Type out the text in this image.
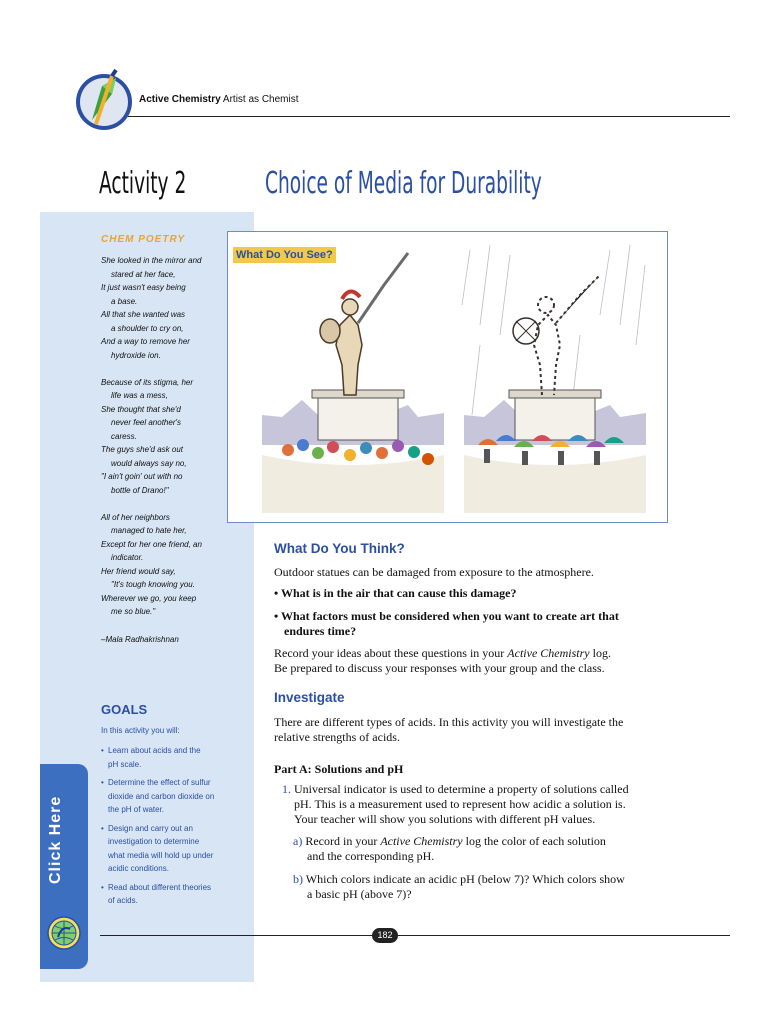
Active Chemistry Artist as Chemist
Activity 2	Choice of Media for Durability
CHEM POETRY
She looked in the mirror and
stared at her face,
It just wasn't easy being
a base.
All that she wanted was
a shoulder to cry on,
And a way to remove her
hydroxide ion.
Because of its stigma, her
life was a mess,
She thought that she'd
never feel another's
caress.
The guys she'd ask out
would always say no,
"I ain't goin' out with no
bottle of Drano!"
All of her neighbors
managed to hate her,
Except for her one friend, an
indicator.
Her friend would say,
"It's tough knowing you.
Wherever we go, you keep
me so blue."
–Mala Radhakrishnan
GOALS
In this activity you will:
• Learn about acids and the
pH scale.
• Determine the effect of sulfur
dioxide and carbon dioxide on
the pH of water.
• Design and carry out an
investigation to determine
what media will hold up under
acidic conditions.
• Read about different theories
of acids.
Click Here
What Do You See?
What Do You Think?
Outdoor statues can be damaged from exposure to the atmosphere.
• What is in the air that can cause this damage?
• What factors must be considered when you want to create art that
endures time?
Record your ideas about these questions in your Active Chemistry log.
Be prepared to discuss your responses with your group and the class.
Investigate
There are different types of acids. In this activity you will investigate the
relative strengths of acids.
Part A: Solutions and pH
1. Universal indicator is used to determine a property of solutions called
pH. This is a measurement used to represent how acidic a solution is.
Your teacher will show you solutions with different pH values.
a) Record in your Active Chemistry log the color of each solution
and the corresponding pH.
b) Which colors indicate an acidic pH (below 7)? Which colors show
a basic pH (above 7)?
182
